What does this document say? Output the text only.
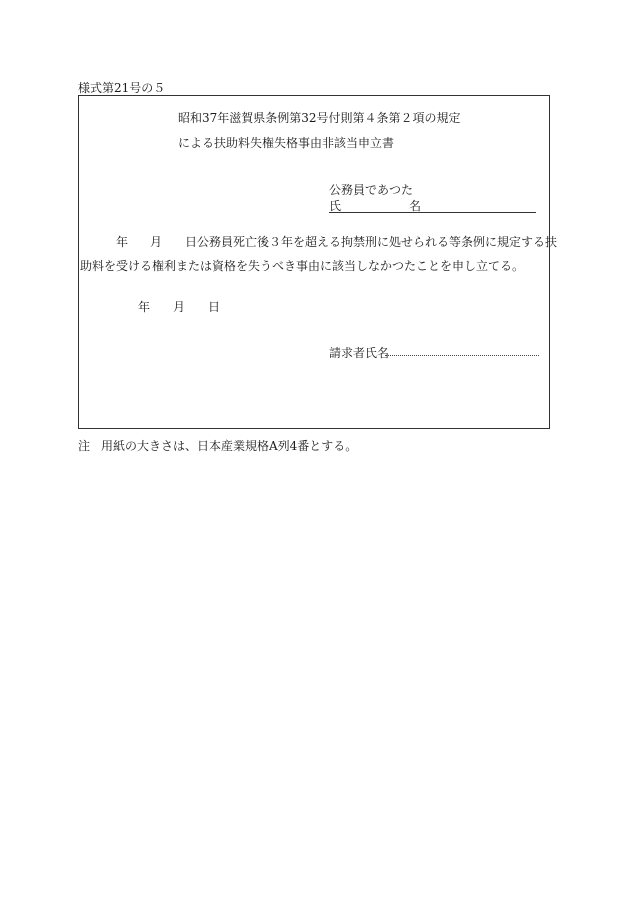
様式第21号の５
昭和37年滋賀県条例第32号付則第４条第２項の規定
による扶助料失権失格事由非該当申立書
公務員であつた
氏	名
年 月 日公務員死亡後３年を超える拘禁刑に処せられる等条例に規定する扶
助料を受ける権利または資格を失うべき事由に該当しなかつたことを申し立てる。
年 月 日
請求者氏名
注 用紙の大きさは、日本産業規格A列4番とする。
